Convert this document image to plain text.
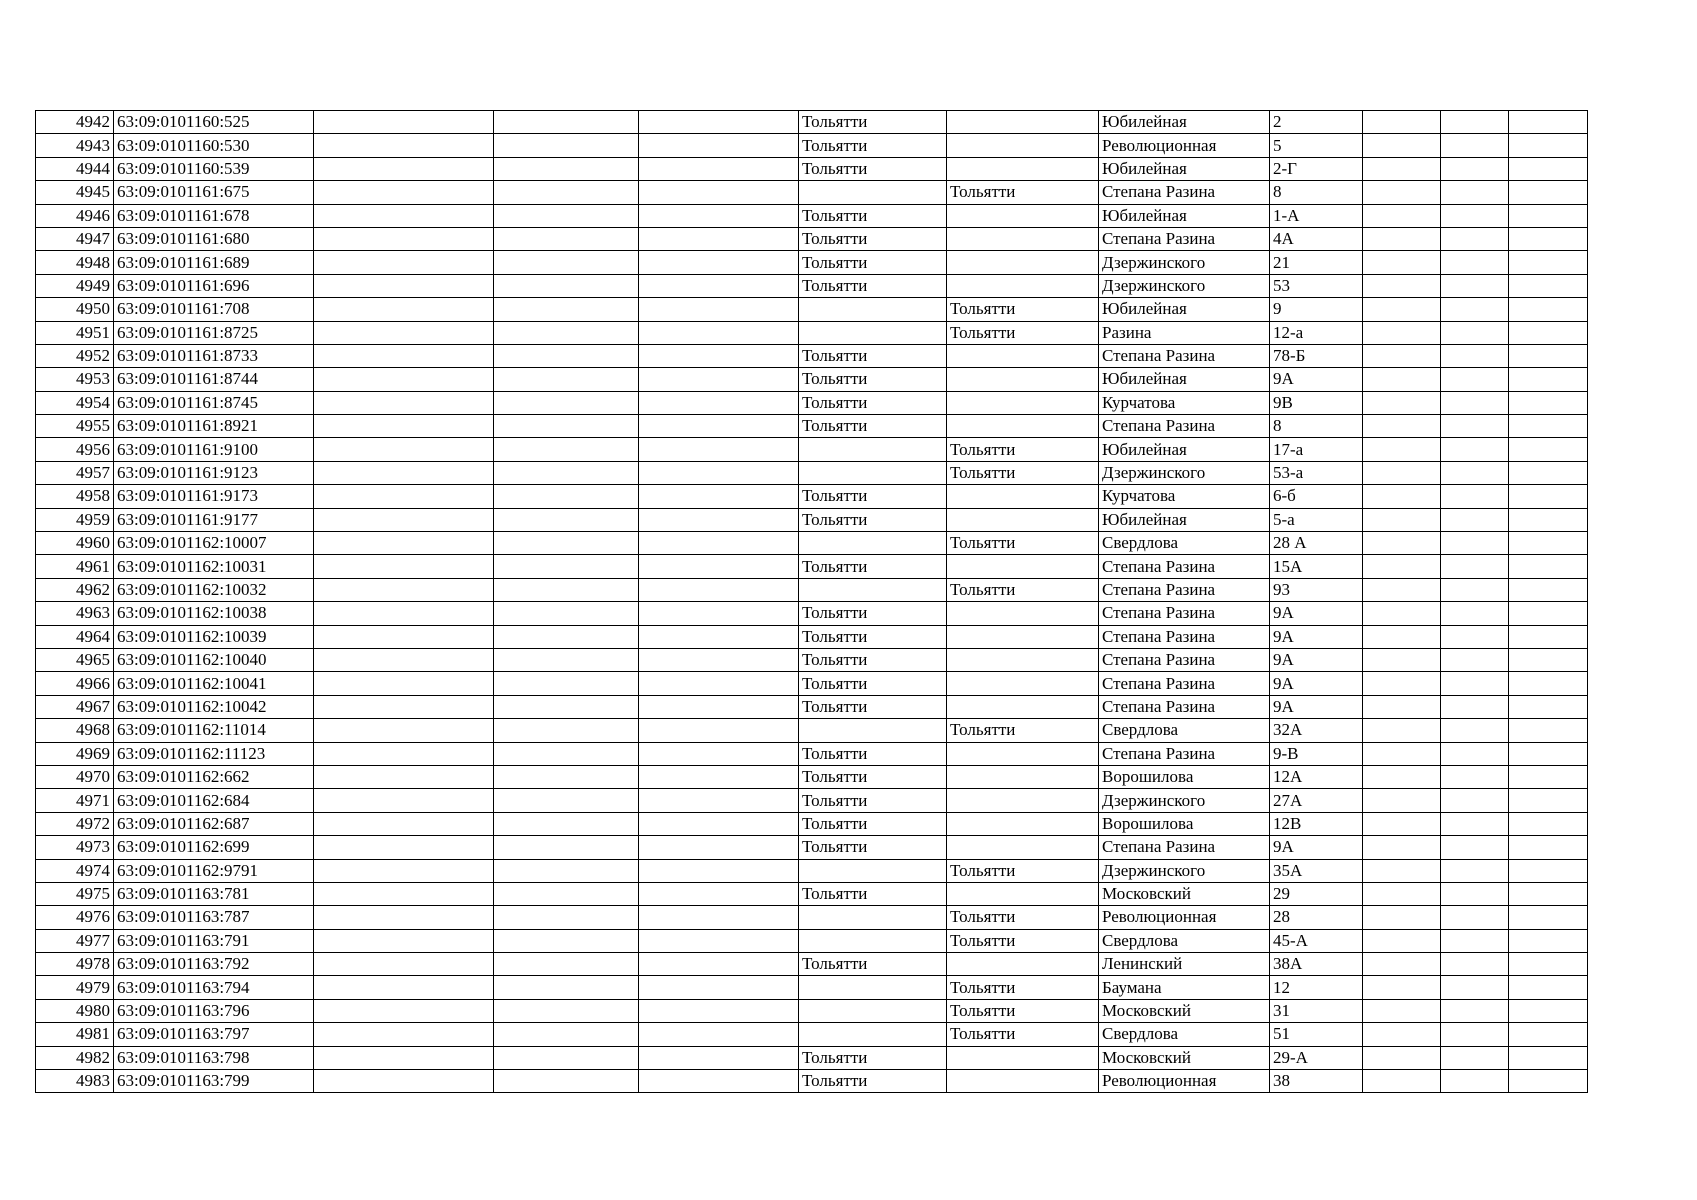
4942	63:09:0101160:525				Тольятти		Юбилейная	2			
4943	63:09:0101160:530				Тольятти		Революционная	5			
4944	63:09:0101160:539				Тольятти		Юбилейная	2-Г			
4945	63:09:0101161:675					Тольятти	Степана Разина	8			
4946	63:09:0101161:678				Тольятти		Юбилейная	1-А			
4947	63:09:0101161:680				Тольятти		Степана Разина	4А			
4948	63:09:0101161:689				Тольятти		Дзержинского	21			
4949	63:09:0101161:696				Тольятти		Дзержинского	53			
4950	63:09:0101161:708					Тольятти	Юбилейная	9			
4951	63:09:0101161:8725					Тольятти	Разина	12-а			
4952	63:09:0101161:8733				Тольятти		Степана Разина	78-Б			
4953	63:09:0101161:8744				Тольятти		Юбилейная	9А			
4954	63:09:0101161:8745				Тольятти		Курчатова	9В			
4955	63:09:0101161:8921				Тольятти		Степана Разина	8			
4956	63:09:0101161:9100					Тольятти	Юбилейная	17-а			
4957	63:09:0101161:9123					Тольятти	Дзержинского	53-а			
4958	63:09:0101161:9173				Тольятти		Курчатова	6-б			
4959	63:09:0101161:9177				Тольятти		Юбилейная	5-а			
4960	63:09:0101162:10007					Тольятти	Свердлова	28 А			
4961	63:09:0101162:10031				Тольятти		Степана Разина	15А			
4962	63:09:0101162:10032					Тольятти	Степана Разина	93			
4963	63:09:0101162:10038				Тольятти		Степана Разина	9А			
4964	63:09:0101162:10039				Тольятти		Степана Разина	9А			
4965	63:09:0101162:10040				Тольятти		Степана Разина	9А			
4966	63:09:0101162:10041				Тольятти		Степана Разина	9А			
4967	63:09:0101162:10042				Тольятти		Степана Разина	9А			
4968	63:09:0101162:11014					Тольятти	Свердлова	32А			
4969	63:09:0101162:11123				Тольятти		Степана Разина	9-В			
4970	63:09:0101162:662				Тольятти		Ворошилова	12А			
4971	63:09:0101162:684				Тольятти		Дзержинского	27А			
4972	63:09:0101162:687				Тольятти		Ворошилова	12В			
4973	63:09:0101162:699				Тольятти		Степана Разина	9А			
4974	63:09:0101162:9791					Тольятти	Дзержинского	35А			
4975	63:09:0101163:781				Тольятти		Московский	29			
4976	63:09:0101163:787					Тольятти	Революционная	28			
4977	63:09:0101163:791					Тольятти	Свердлова	45-А			
4978	63:09:0101163:792				Тольятти		Ленинский	38А			
4979	63:09:0101163:794					Тольятти	Баумана	12			
4980	63:09:0101163:796					Тольятти	Московский	31			
4981	63:09:0101163:797					Тольятти	Свердлова	51			
4982	63:09:0101163:798				Тольятти		Московский	29-А			
4983	63:09:0101163:799				Тольятти		Революционная	38			
